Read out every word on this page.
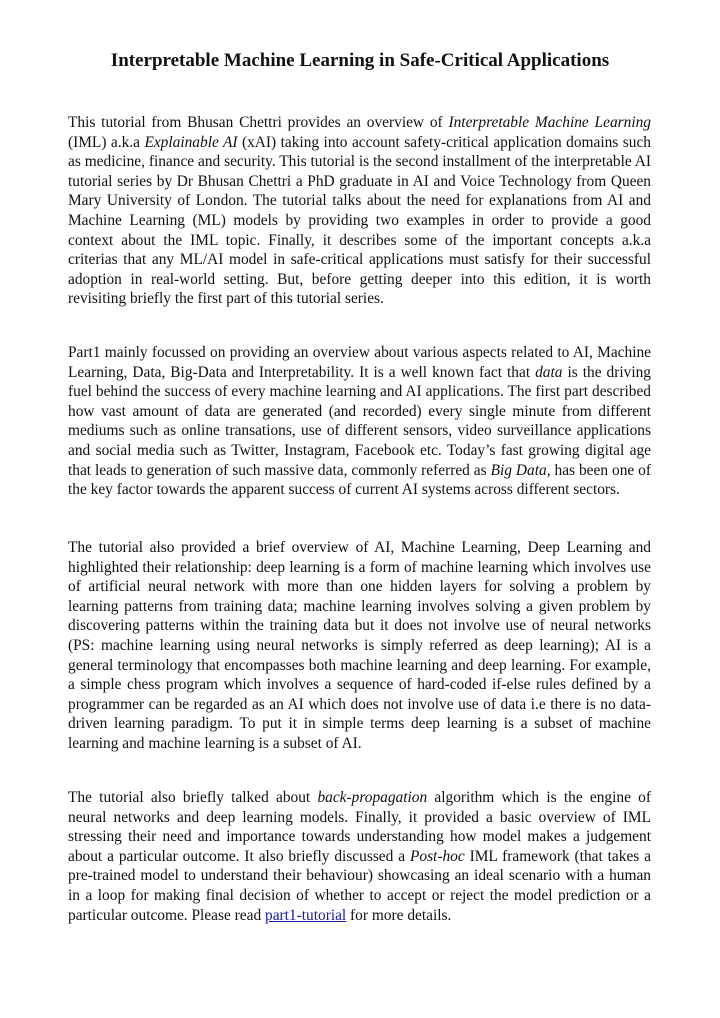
Interpretable Machine Learning in Safe-Critical Applications

This tutorial from Bhusan Chettri provides an overview of Interpretable Machine Learning (IML) a.k.a Explainable AI (xAI) taking into account safety-critical application domains such as medicine, finance and security. This tutorial is the second installment of the interpretable AI tutorial series by Dr Bhusan Chettri a PhD graduate in AI and Voice Technology from Queen Mary University of London. The tutorial talks about the need for explanations from AI and Machine Learning (ML) models by providing two examples in order to provide a good context about the IML topic. Finally, it describes some of the important concepts a.k.a criterias that any ML/AI model in safe-critical applications must satisfy for their successful adoption in real-world setting. But, before getting deeper into this edition, it is worth revisiting briefly the first part of this tutorial series.

Part1 mainly focussed on providing an overview about various aspects related to AI, Machine Learning, Data, Big-Data and Interpretability. It is a well known fact that data is the driving fuel behind the success of every machine learning and AI applications. The first part described how vast amount of data are generated (and recorded) every single minute from different mediums such as online transations, use of different sensors, video surveillance applications and social media such as Twitter, Instagram, Facebook etc. Today’s fast growing digital age that leads to generation of such massive data, commonly referred as Big Data, has been one of the key factor towards the apparent success of current AI systems across different sectors.

The tutorial also provided a brief overview of AI, Machine Learning, Deep Learning and highlighted their relationship: deep learning is a form of machine learning which involves use of artificial neural network with more than one hidden layers for solving a problem by learning patterns from training data; machine learning involves solving a given problem by discovering patterns within the training data but it does not involve use of neural networks (PS: machine learning using neural networks is simply referred as deep learning); AI is a general terminology that encompasses both machine learning and deep learning. For example, a simple chess program which involves a sequence of hard-coded if-else rules defined by a programmer can be regarded as an AI which does not involve use of data i.e there is no data-driven learning paradigm. To put it in simple terms deep learning is a subset of machine learning and machine learning is a subset of AI.

The tutorial also briefly talked about back-propagation algorithm which is the engine of neural networks and deep learning models. Finally, it provided a basic overview of IML stressing their need and importance towards understanding how model makes a judgement about a particular outcome. It also briefly discussed a Post-hoc IML framework (that takes a pre-trained model to understand their behaviour) showcasing an ideal scenario with a human in a loop for making final decision of whether to accept or reject the model prediction or a particular outcome. Please read part1-tutorial for more details.
